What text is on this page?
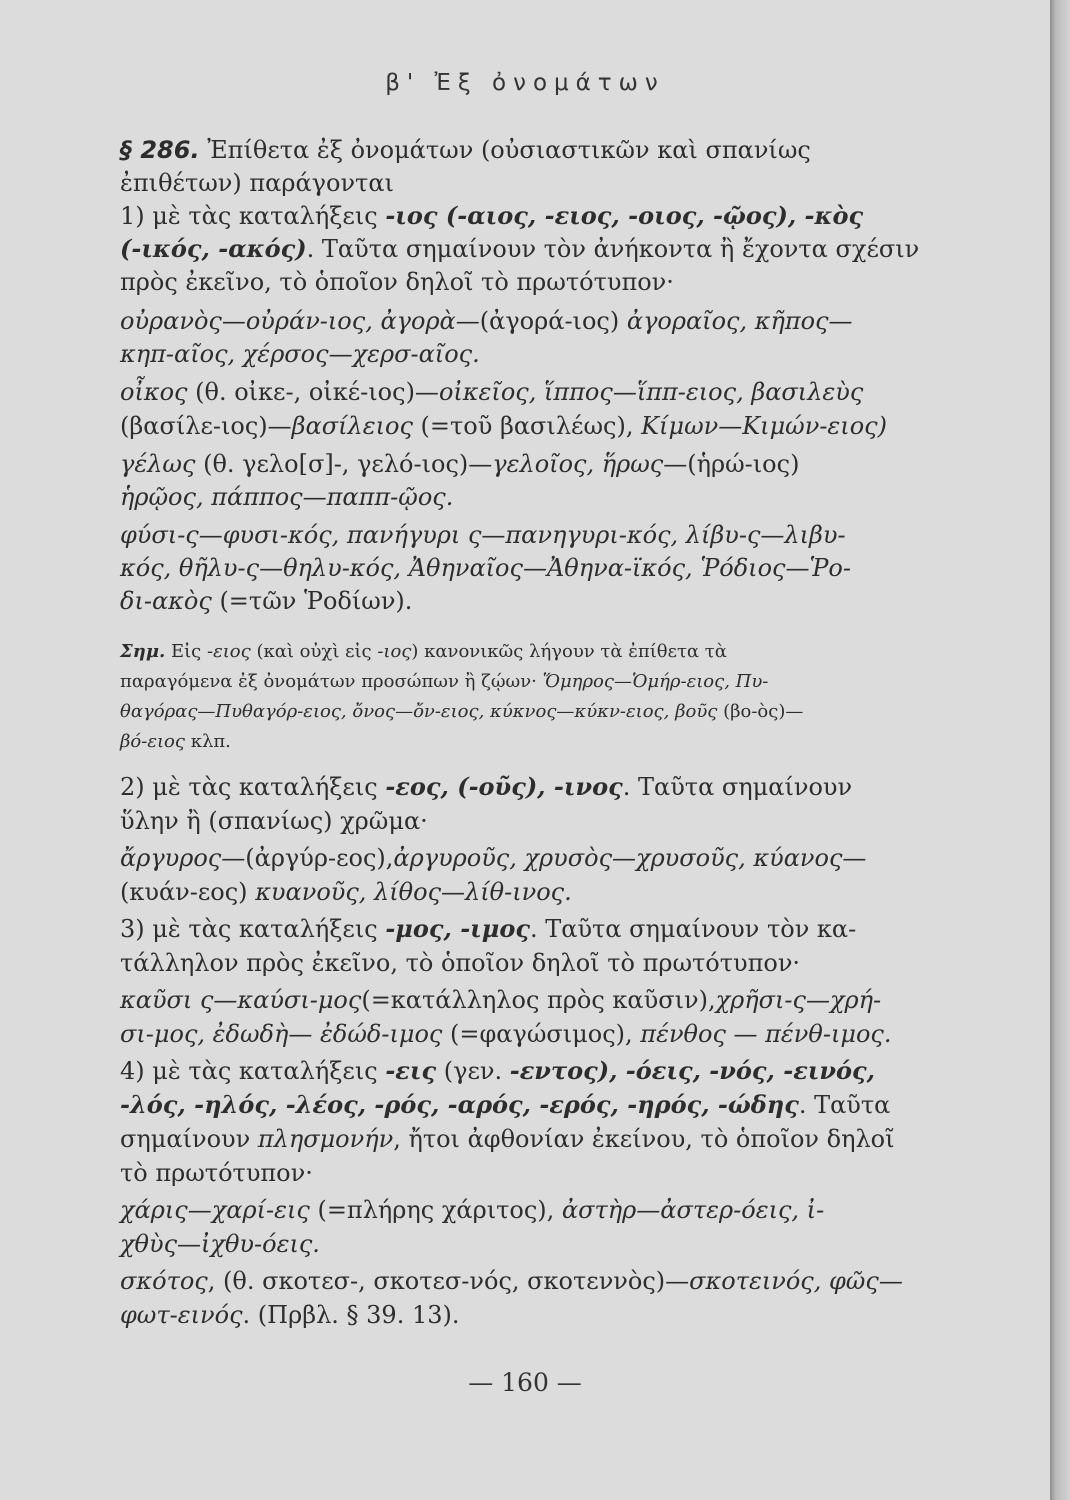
β' Ἐξ ὀνομάτων
§ 286. Ἐπίθετα ἐξ ὀνομάτων (οὐσιαστικῶν καὶ σπανίως
ἐπιθέτων) παράγονται
1) μὲ τὰς καταλήξεις -ιος (-αιος, -ειος, -οιος, -ῷος), -κὸς
(-ικός, -ακός). Ταῦτα σημαίνουν τὸν ἀνήκοντα ἢ ἔχοντα σχέσιν
πρὸς ἐκεῖνο, τὸ ὁποῖον δηλοῖ τὸ πρωτότυπον·
οὐρανὸς—οὐράν-ιος, ἀγορὰ—(ἀγορά-ιος) ἀγοραῖος, κῆπος—
κηπ-αῖος, χέρσος—χερσ-αῖος.
οἶκος (θ. οἰκε-, οἰκέ-ιος)—οἰκεῖος, ἵππος—ἵππ-ειος, βασιλεὺς
(βασίλε-ιος)—βασίλειος (=τοῦ βασιλέως), Κίμων—Κιμών-ειος)
γέλως (θ. γελο[σ]-, γελό-ιος)—γελοῖος, ἥρως—(ἡρώ-ιος)
ἡρῷος, πάππος—παππ-ῷος.
φύσι-ς—φυσι-κός, πανήγυρι ς—πανηγυρι-κός, λίβυ-ς—λιβυ-
κός, θῆλυ-ς—θηλυ-κός, Ἀθηναῖος—Ἀθηνα-ϊκός, Ῥόδιος—Ῥο-
δι-ακὸς (=τῶν Ῥοδίων).
Σημ. Εἰς -ειος (καὶ οὐχὶ εἰς -ιος) κανονικῶς λήγουν τὰ ἐπίθετα τὰ
παραγόμενα ἐξ ὀνομάτων προσώπων ἢ ζῴων· Ὅμηρος—Ὁμήρ-ειος, Πυ-
θαγόρας—Πυθαγόρ-ειος, ὄνος—ὄν-ειος, κύκνος—κύκν-ειος, βοῦς (βο-ὸς)—
βό-ειος κλπ.
2) μὲ τὰς καταλήξεις -εος, (-οῦς), -ινος. Ταῦτα σημαίνουν
ὕλην ἢ (σπανίως) χρῶμα·
ἄργυρος—(ἀργύρ-εος),ἀργυροῦς, χρυσὸς—χρυσοῦς, κύανος—
(κυάν-εος) κυανοῦς, λίθος—λίθ-ινος.
3) μὲ τὰς καταλήξεις -μος, -ιμος. Ταῦτα σημαίνουν τὸν κα-
τάλληλον πρὸς ἐκεῖνο, τὸ ὁποῖον δηλοῖ τὸ πρωτότυπον·
καῦσι ς—καύσι-μος(=κατάλληλος πρὸς καῦσιν),χρῆσι-ς—χρή-
σι-μος, ἐδωδὴ— ἐδώδ-ιμος (=φαγώσιμος), πένθος — πένθ-ιμος.
4) μὲ τὰς καταλήξεις -εις (γεν. -εντος), -όεις, -νός, -εινός,
-λός, -ηλός, -λέος, -ρός, -αρός, -ερός, -ηρός, -ώδης. Ταῦτα
σημαίνουν πλησμονήν, ἤτοι ἀφθονίαν ἐκείνου, τὸ ὁποῖον δηλοῖ
τὸ πρωτότυπον·
χάρις—χαρί-εις (=πλήρης χάριτος), ἀστὴρ—ἀστερ-όεις, ἰ-
χθὺς—ἰχθυ-όεις.
σκότος, (θ. σκοτεσ-, σκοτεσ-νός, σκοτεννὸς)—σκοτεινός, φῶς—
φωτ-εινός. (Πρβλ. § 39. 13).
— 160 —
